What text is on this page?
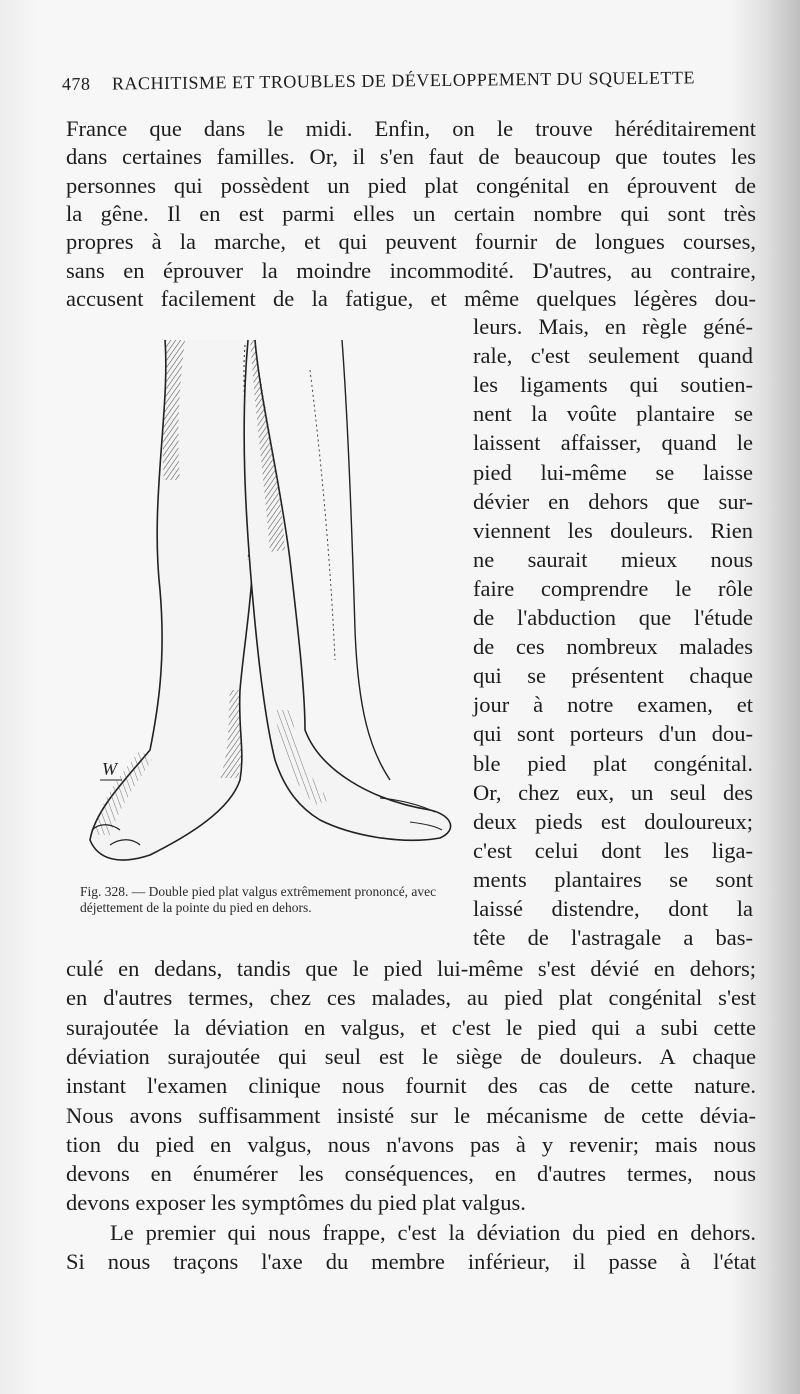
478 RACHITISME ET TROUBLES DE DÉVELOPPEMENT DU SQUELETTE
France que dans le midi. Enfin, on le trouve héréditairement
dans certaines familles. Or, il s'en faut de beaucoup que toutes les
personnes qui possèdent un pied plat congénital en éprouvent de
la gêne. Il en est parmi elles un certain nombre qui sont très
propres à la marche, et qui peuvent fournir de longues courses,
sans en éprouver la moindre incommodité. D'autres, au contraire,
accusent facilement de la fatigue, et même quelques légères dou-
leurs. Mais, en règle géné-
rale, c'est seulement quand
les ligaments qui soutien-
nent la voûte plantaire se
laissent affaisser, quand le
pied lui-même se laisse
dévier en dehors que sur-
viennent les douleurs. Rien
ne saurait mieux nous
faire comprendre le rôle
de l'abduction que l'étude
de ces nombreux malades
qui se présentent chaque
jour à notre examen, et
qui sont porteurs d'un dou-
ble pied plat congénital.
Or, chez eux, un seul des
deux pieds est douloureux;
c'est celui dont les liga-
ments plantaires se sont
laissé distendre, dont la
tête de l'astragale a bas-
culé en dedans, tandis que le pied lui-même s'est dévié en dehors;
en d'autres termes, chez ces malades, au pied plat congénital s'est
surajoutée la déviation en valgus, et c'est le pied qui a subi cette
déviation surajoutée qui seul est le siège de douleurs. A chaque
instant l'examen clinique nous fournit des cas de cette nature.
Nous avons suffisamment insisté sur le mécanisme de cette dévia-
tion du pied en valgus, nous n'avons pas à y revenir; mais nous
devons en énumérer les conséquences, en d'autres termes, nous
devons exposer les symptômes du pied plat valgus.
Le premier qui nous frappe, c'est la déviation du pied en dehors.
Si nous traçons l'axe du membre inférieur, il passe à l'état
W
Fig. 328. — Double pied plat valgus extrêmement prononcé, avec déjettement de la pointe du pied en dehors.
